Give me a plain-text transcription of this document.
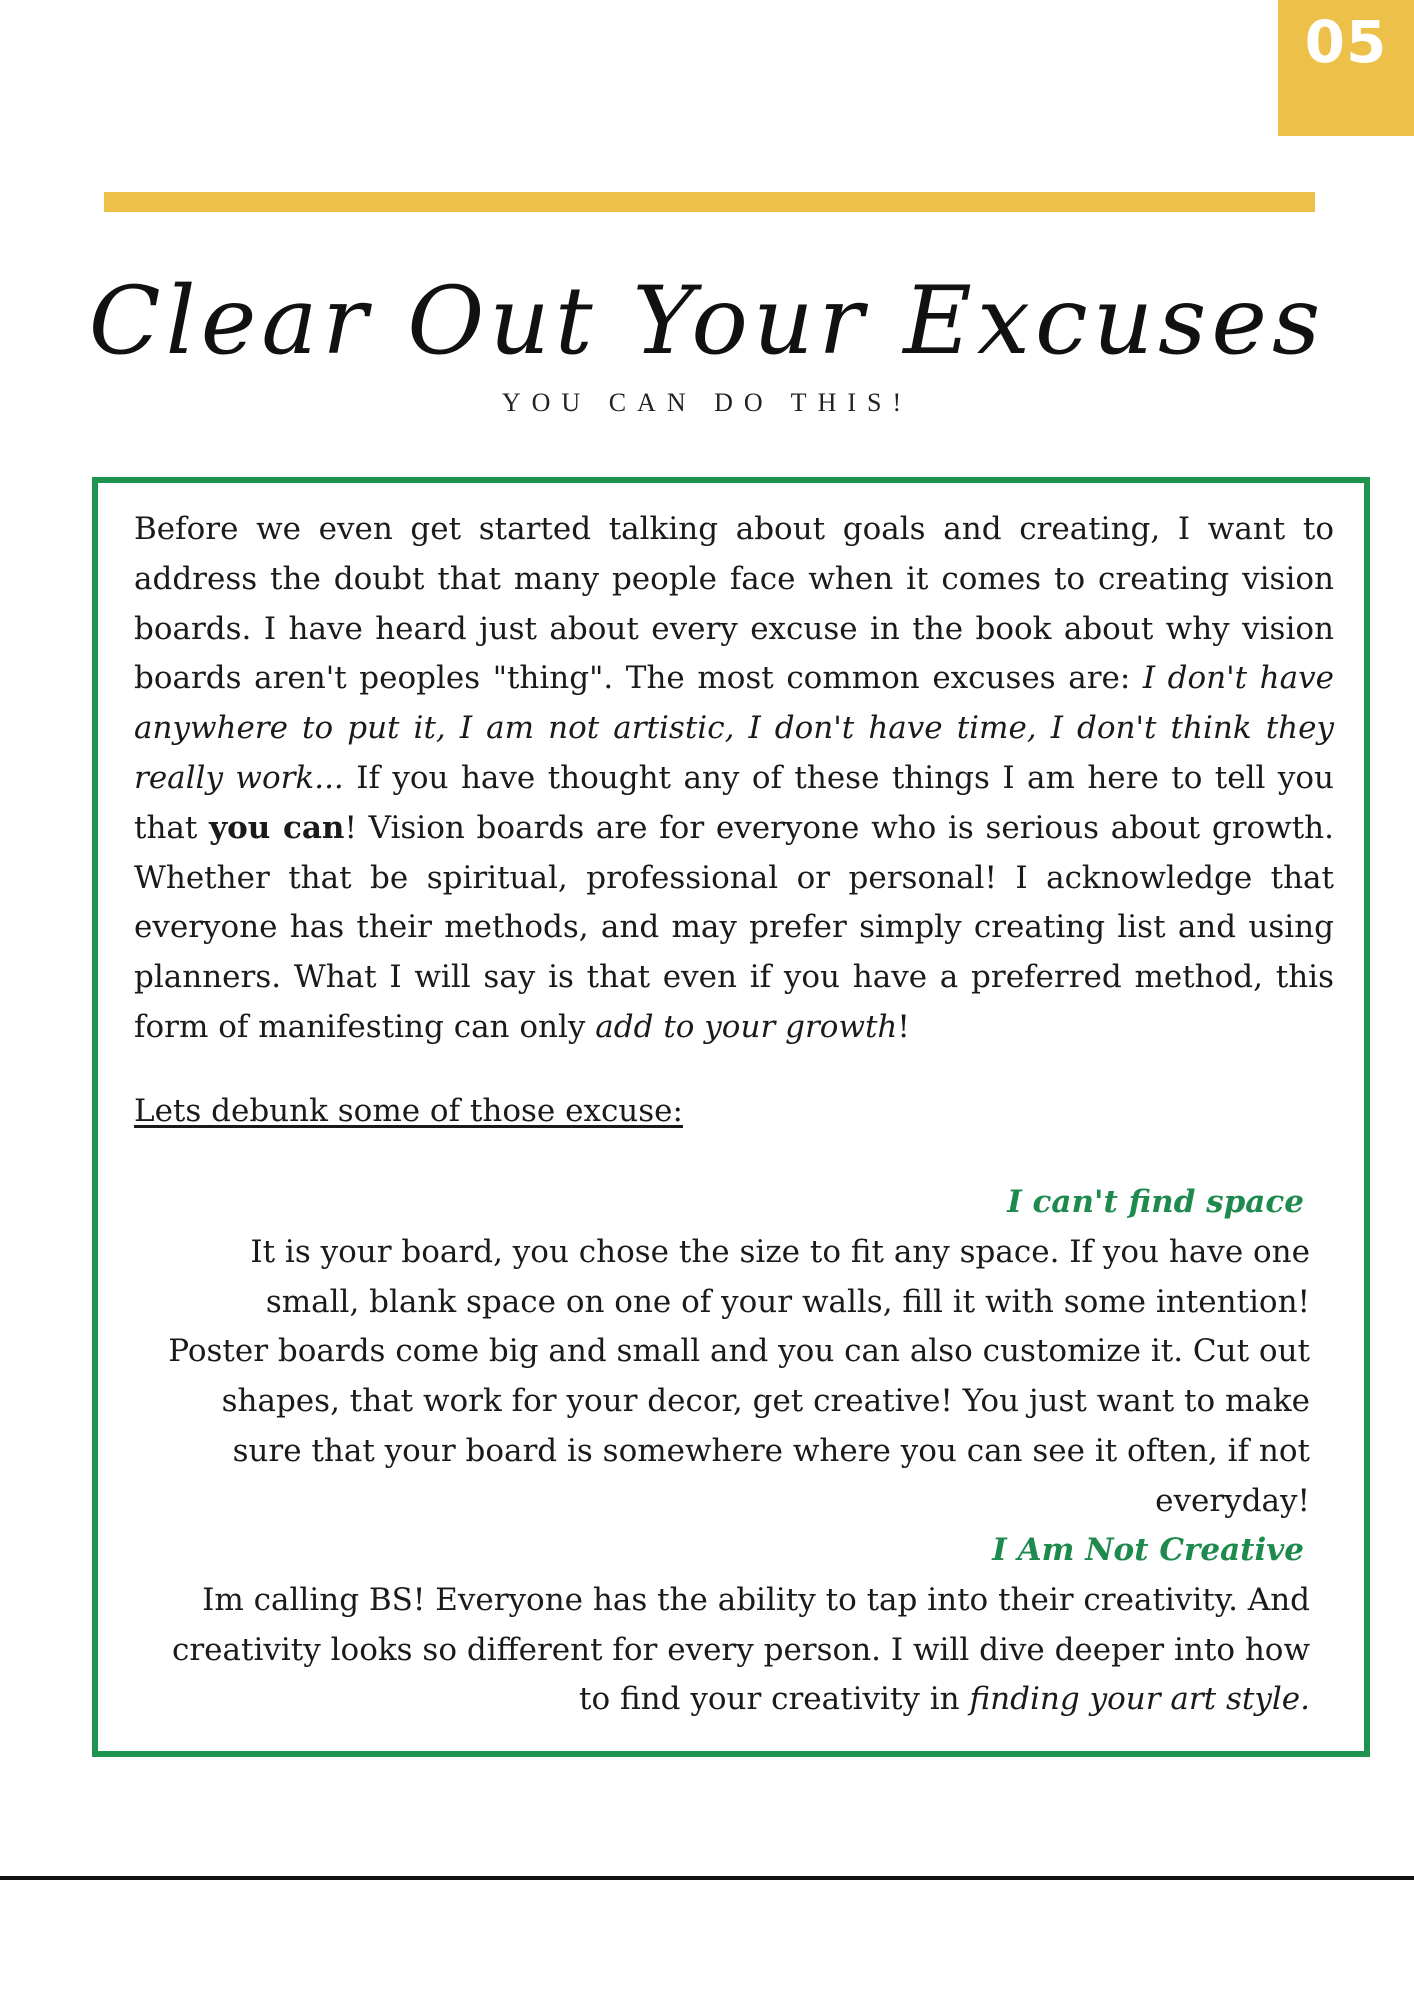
05
Clear Out Your Excuses
YOU CAN DO THIS!

Before we even get started talking about goals and creating, I want to address the doubt that many people face when it comes to creating vision boards. I have heard just about every excuse in the book about why vision boards aren't peoples "thing". The most common excuses are: I don't have anywhere to put it, I am not artistic, I don't have time, I don't think they really work... If you have thought any of these things I am here to tell you that you can! Vision boards are for everyone who is serious about growth. Whether that be spiritual, professional or personal! I acknowledge that everyone has their methods, and may prefer simply creating list and using planners. What I will say is that even if you have a preferred method, this form of manifesting can only add to your growth!

Lets debunk some of those excuse:

I can't find space

It is your board, you chose the size to fit any space. If you have one small, blank space on one of your walls, fill it with some intention! Poster boards come big and small and you can also customize it. Cut out shapes, that work for your decor, get creative! You just want to make sure that your board is somewhere where you can see it often, if not everyday!

I Am Not Creative

Im calling BS! Everyone has the ability to tap into their creativity. And creativity looks so different for every person. I will dive deeper into how to find your creativity in finding your art style.
